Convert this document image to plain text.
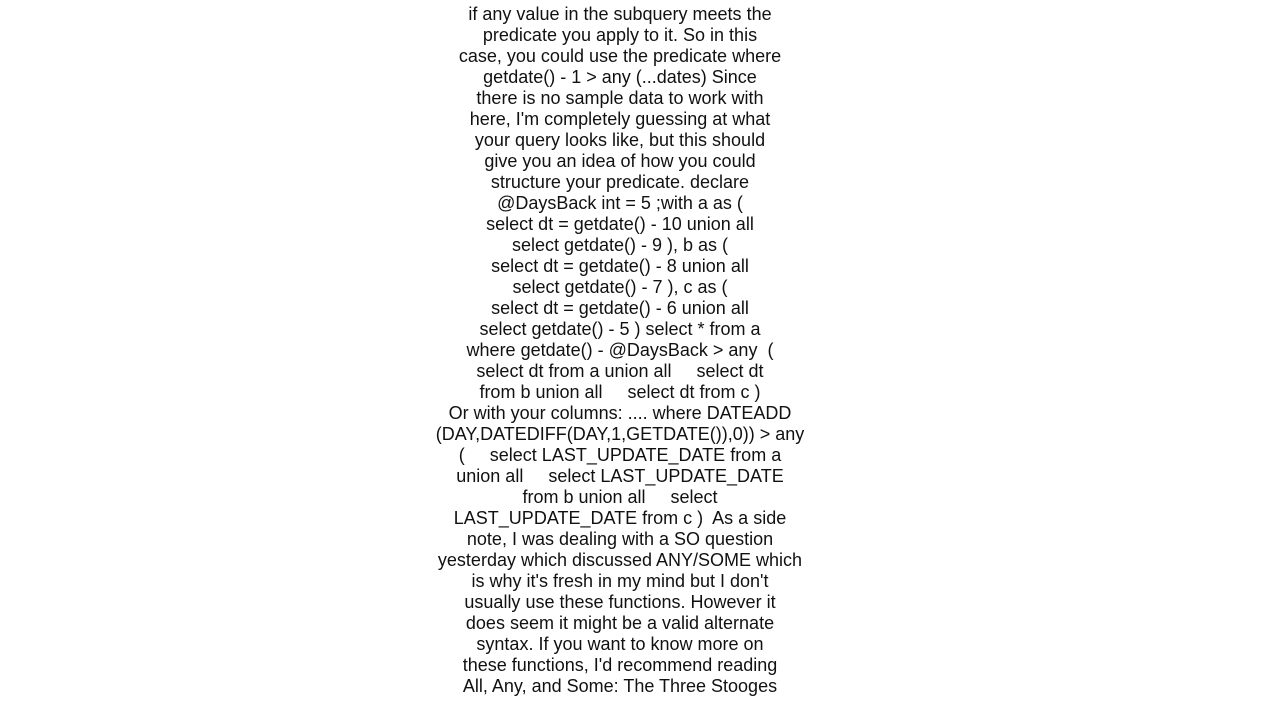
if any value in the subquery meets the
predicate you apply to it. So in this
case, you could use the predicate where
getdate() - 1 > any (...dates) Since
there is no sample data to work with
here, I'm completely guessing at what
your query looks like, but this should
give you an idea of how you could
structure your predicate. declare
@DaysBack int = 5 ;with a as (
select dt = getdate() - 10 union all
select getdate() - 9 ), b as (
select dt = getdate() - 8 union all
select getdate() - 7 ), c as (
select dt = getdate() - 6 union all
select getdate() - 5 ) select * from a
where getdate() - @DaysBack > any  (
select dt from a union all     select dt
from b union all     select dt from c )
Or with your columns: .... where DATEADD
(DAY,DATEDIFF(DAY,1,GETDATE()),0)) > any
(     select LAST_UPDATE_DATE from a
union all     select LAST_UPDATE_DATE
from b union all     select
LAST_UPDATE_DATE from c )  As a side
note, I was dealing with a SO question
yesterday which discussed ANY/SOME which
is why it's fresh in my mind but I don't
usually use these functions. However it
does seem it might be a valid alternate
syntax. If you want to know more on
these functions, I'd recommend reading
All, Any, and Some: The Three Stooges
